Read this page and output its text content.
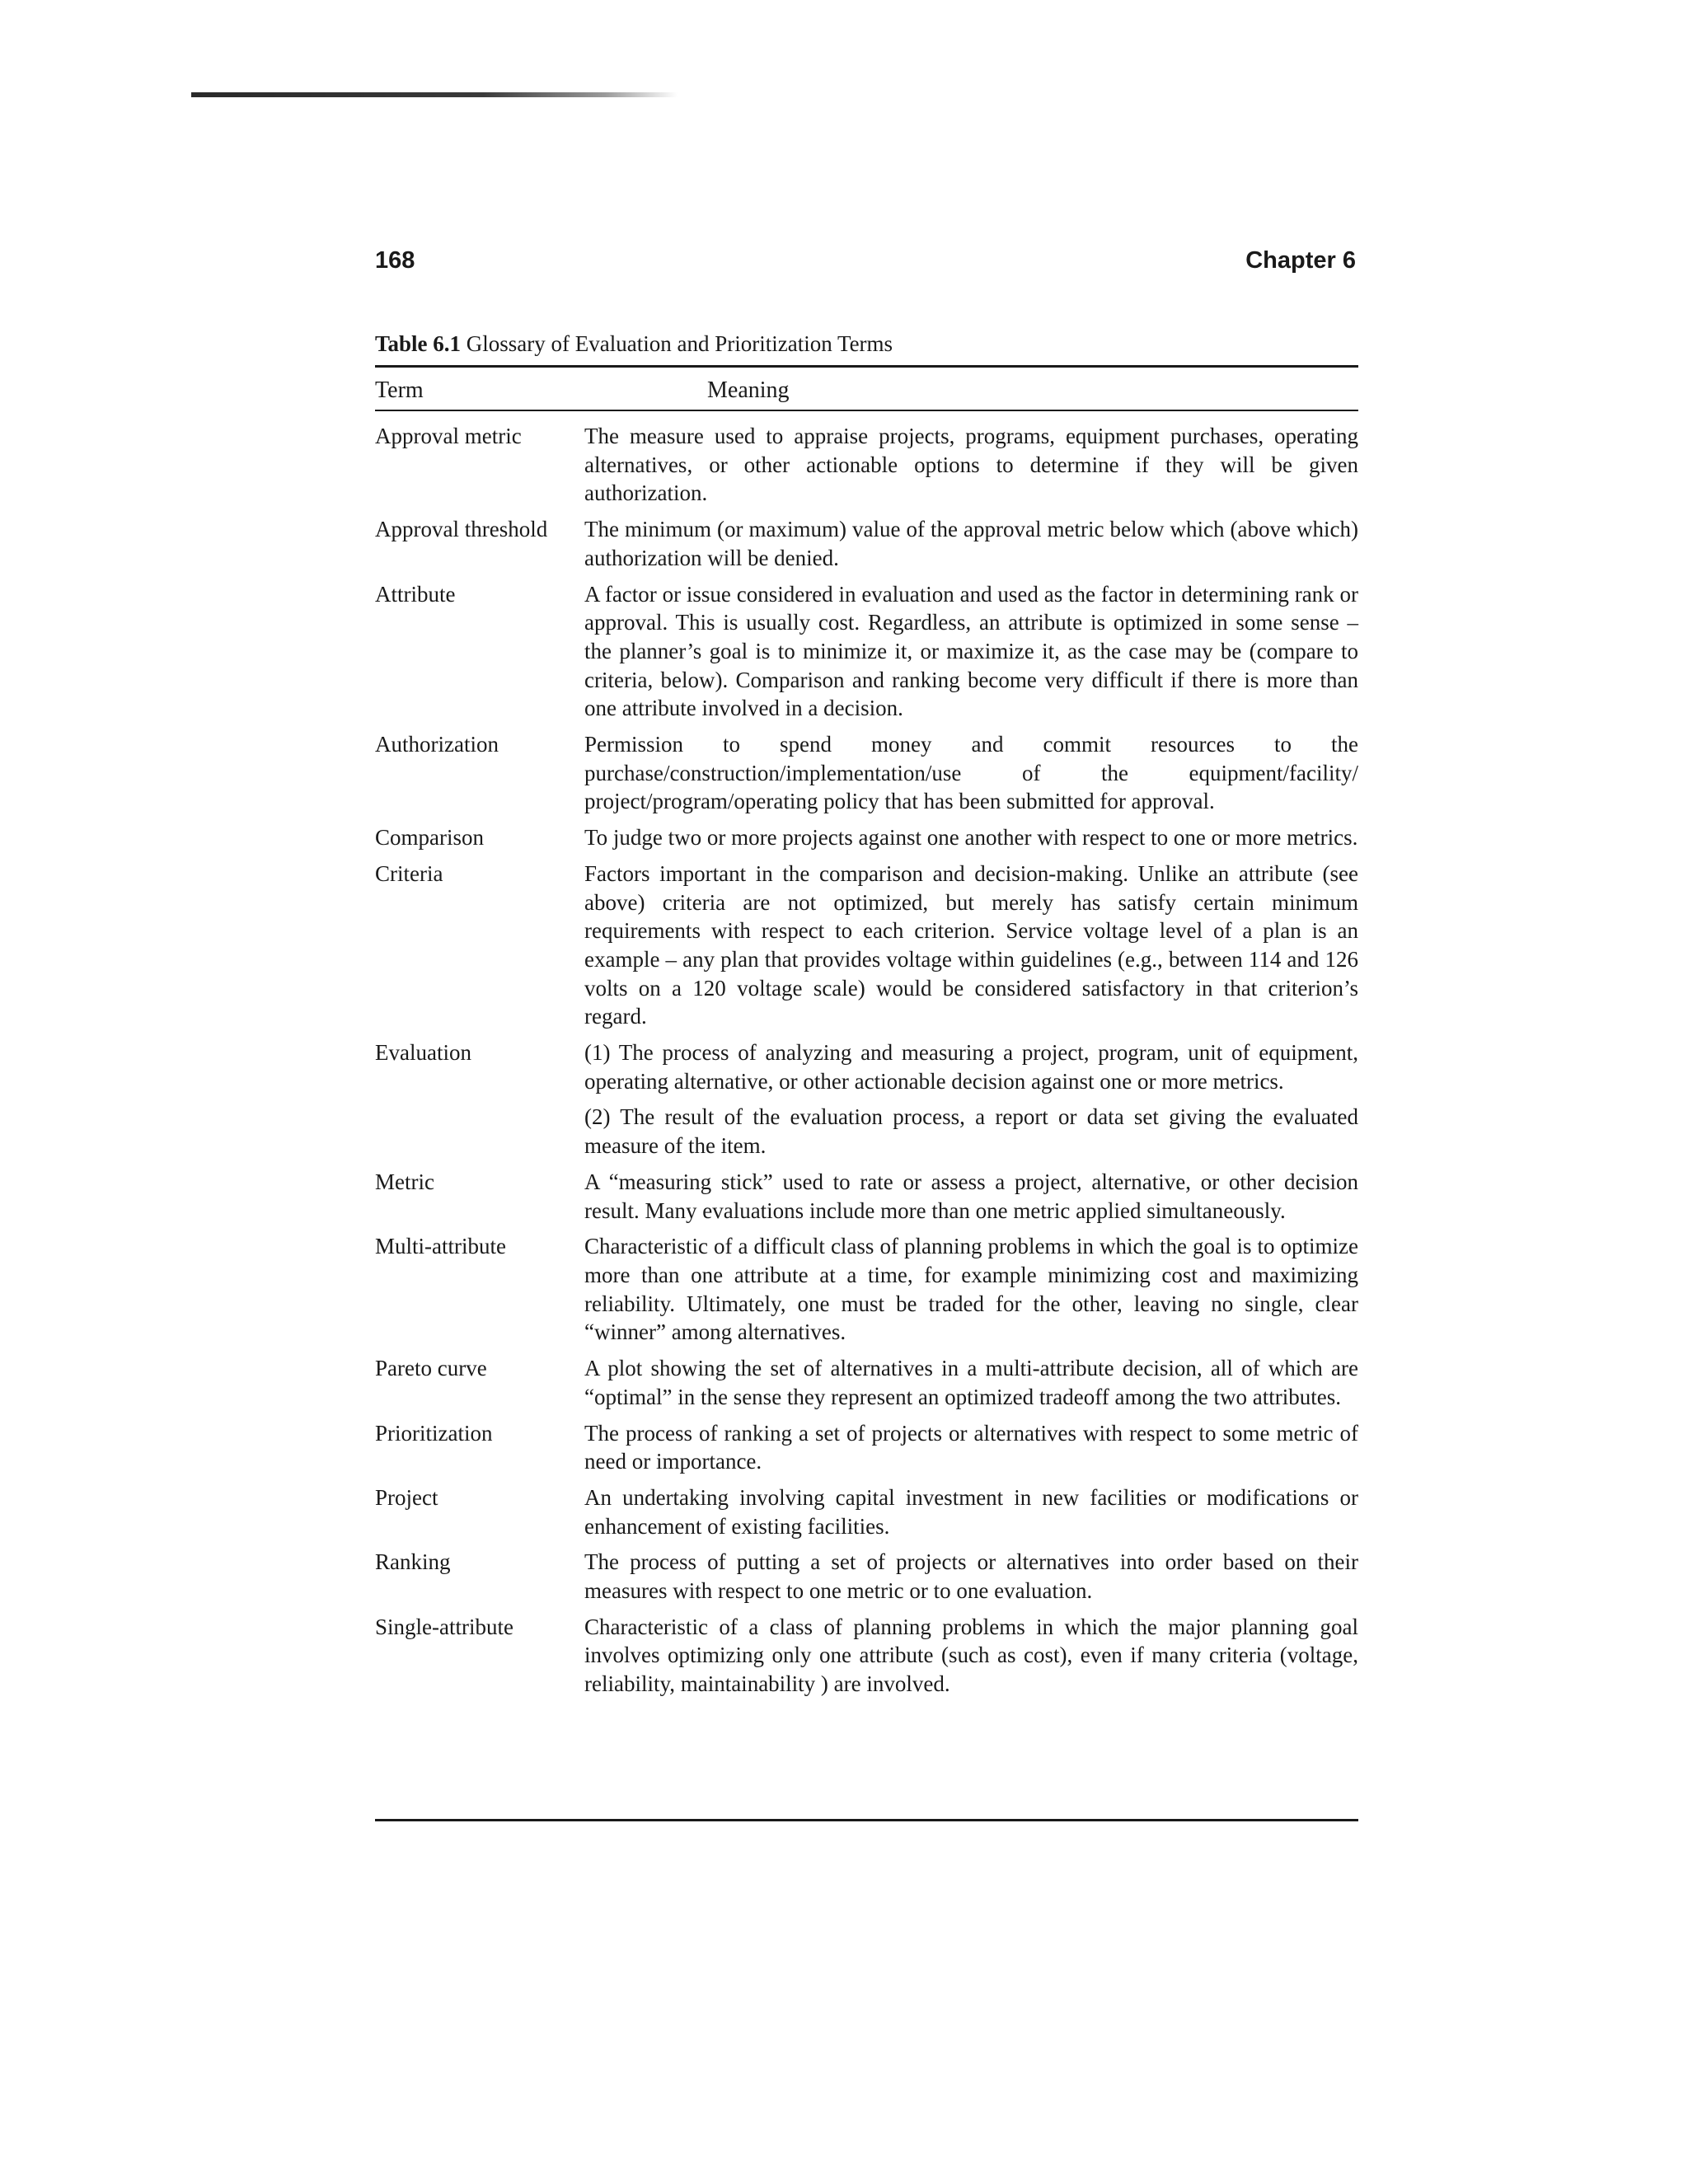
168	Chapter 6
Table 6.1 Glossary of Evaluation and Prioritization Terms
Term	Meaning
Approval metric	The measure used to appraise projects, programs, equipment purchases, operating alternatives, or other actionable options to determine if they will be given authorization.

Approval threshold	The minimum (or maximum) value of the approval metric below which (above which) authorization will be denied.

Attribute	A factor or issue considered in evaluation and used as the factor in determining rank or approval. This is usually cost. Regardless, an attribute is optimized in some sense – the planner’s goal is to minimize it, or maximize it, as the case may be (compare to criteria, below). Comparison and ranking become very difficult if there is more than one attribute involved in a decision.

Authorization	Permission to spend money and commit resources to the purchase/construction/implementation/use of the equipment/facility/ project/program/operating policy that has been submitted for approval.

Comparison	To judge two or more projects against one another with respect to one or more metrics.

Criteria	Factors important in the comparison and decision-making. Unlike an attribute (see above) criteria are not optimized, but merely has satisfy certain minimum requirements with respect to each criterion. Service voltage level of a plan is an example – any plan that provides voltage within guidelines (e.g., between 114 and 126 volts on a 120 voltage scale) would be considered satisfactory in that criterion’s regard.

Evaluation	(1) The process of analyzing and measuring a project, program, unit of equipment, operating alternative, or other actionable decision against one or more metrics.

(2) The result of the evaluation process, a report or data set giving the evaluated measure of the item.

Metric	A “measuring stick” used to rate or assess a project, alternative, or other decision result. Many evaluations include more than one metric applied simultaneously.

Multi-attribute	Characteristic of a difficult class of planning problems in which the goal is to optimize more than one attribute at a time, for example minimizing cost and maximizing reliability. Ultimately, one must be traded for the other, leaving no single, clear “winner” among alternatives.

Pareto curve	A plot showing the set of alternatives in a multi-attribute decision, all of which are “optimal” in the sense they represent an optimized tradeoff among the two attributes.

Prioritization	The process of ranking a set of projects or alternatives with respect to some metric of need or importance.

Project	An undertaking involving capital investment in new facilities or modifications or enhancement of existing facilities.

Ranking	The process of putting a set of projects or alternatives into order based on their measures with respect to one metric or to one evaluation.

Single-attribute	Characteristic of a class of planning problems in which the major planning goal involves optimizing only one attribute (such as cost), even if many criteria (voltage, reliability, maintainability ) are involved.
